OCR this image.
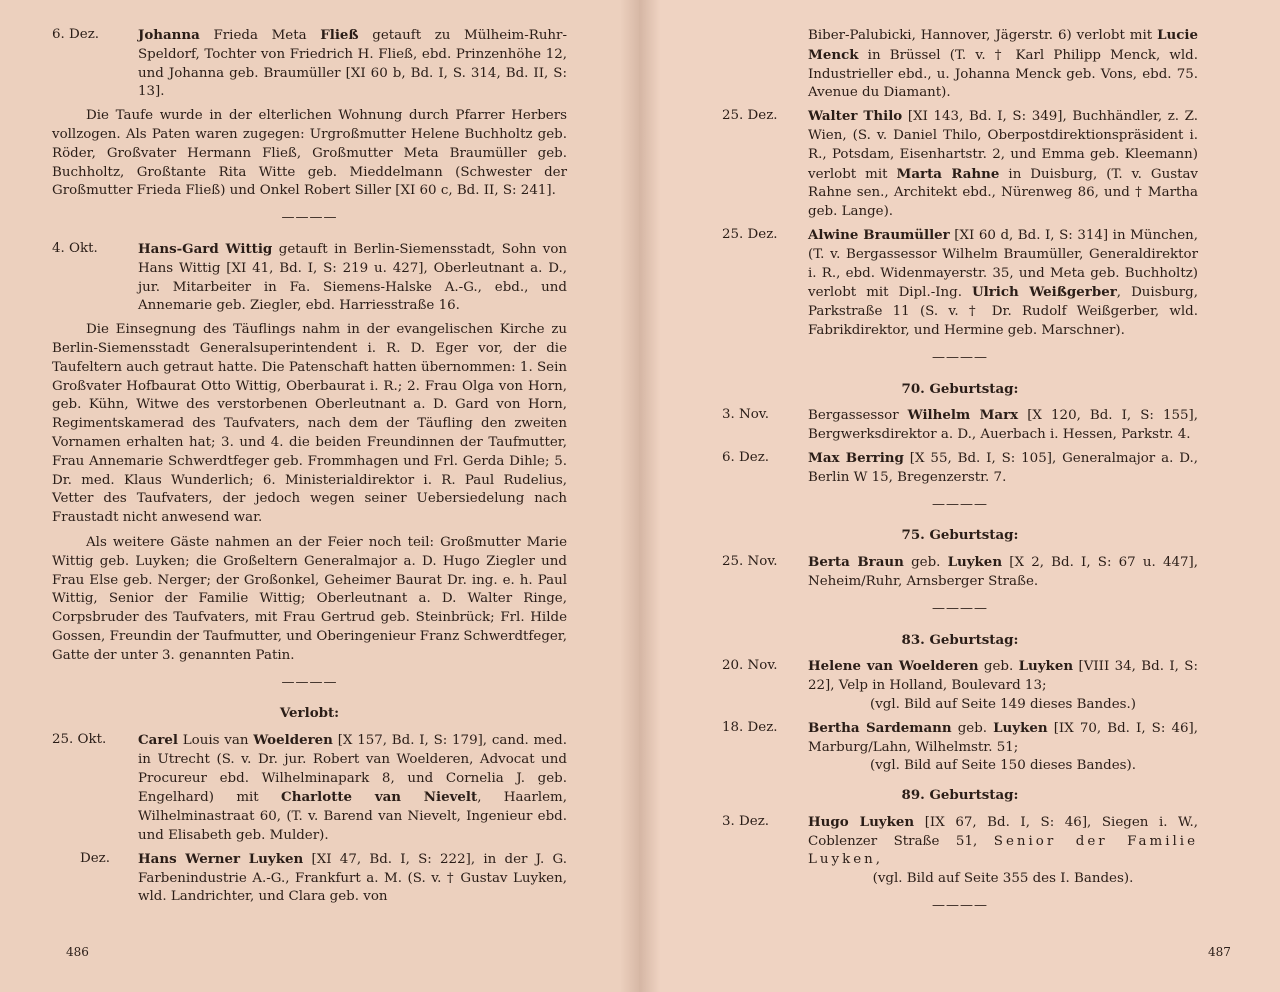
6. Dez.	Johanna Frieda Meta Fließ getauft zu Mülheim-Ruhr-Speldorf, Tochter von Friedrich H. Fließ, ebd. Prinzenhöhe 12, und Johanna geb. Braumüller [XI 60 b, Bd. I, S. 314, Bd. II, S: 13].

Die Taufe wurde in der elterlichen Wohnung durch Pfarrer Herbers vollzogen. Als Paten waren zugegen: Urgroßmutter Helene Buchholtz geb. Röder, Großvater Hermann Fließ, Großmutter Meta Braumüller geb. Buchholtz, Großtante Rita Witte geb. Mieddelmann (Schwester der Großmutter Frieda Fließ) und Onkel Robert Siller [XI 60 c, Bd. II, S: 241].

————
4. Okt.	Hans-Gard Wittig getauft in Berlin-Siemensstadt, Sohn von Hans Wittig [XI 41, Bd. I, S: 219 u. 427], Oberleutnant a. D., jur. Mitarbeiter in Fa. Siemens-Halske A.-G., ebd., und Annemarie geb. Ziegler, ebd. Harriesstraße 16.

Die Einsegnung des Täuflings nahm in der evangelischen Kirche zu Berlin-Siemensstadt Generalsuperintendent i. R. D. Eger vor, der die Taufeltern auch getraut hatte. Die Patenschaft hatten übernommen: 1. Sein Großvater Hofbaurat Otto Wittig, Oberbaurat i. R.; 2. Frau Olga von Horn, geb. Kühn, Witwe des verstorbenen Oberleutnant a. D. Gard von Horn, Regimentskamerad des Taufvaters, nach dem der Täufling den zweiten Vornamen erhalten hat; 3. und 4. die beiden Freundinnen der Taufmutter, Frau Annemarie Schwerdtfeger geb. Frommhagen und Frl. Gerda Dihle; 5. Dr. med. Klaus Wunderlich; 6. Ministerialdirektor i. R. Paul Rudelius, Vetter des Taufvaters, der jedoch wegen seiner Uebersiedelung nach Fraustadt nicht anwesend war.

Als weitere Gäste nahmen an der Feier noch teil: Großmutter Marie Wittig geb. Luyken; die Großeltern Generalmajor a. D. Hugo Ziegler und Frau Else geb. Nerger; der Großonkel, Geheimer Baurat Dr. ing. e. h. Paul Wittig, Senior der Familie Wittig; Oberleutnant a. D. Walter Ringe, Corpsbruder des Taufvaters, mit Frau Gertrud geb. Steinbrück; Frl. Hilde Gossen, Freundin der Taufmutter, und Oberingenieur Franz Schwerdtfeger, Gatte der unter 3. genannten Patin.

————
Verlobt:
25. Okt.	Carel Louis van Woelderen [X 157, Bd. I, S: 179], cand. med. in Utrecht (S. v. Dr. jur. Robert van Woelderen, Advocat und Procureur ebd. Wilhelminapark 8, und Cornelia J. geb. Engelhard) mit Charlotte van Nievelt, Haarlem, Wilhelminastraat 60, (T. v. Barend van Nievelt, Ingenieur ebd. und Elisabeth geb. Mulder).
Dez.	Hans Werner Luyken [XI 47, Bd. I, S: 222], in der J. G. Farbenindustrie A.-G., Frankfurt a. M. (S. v. † Gustav Luyken, wld. Landrichter, und Clara geb. von
486
Biber-Palubicki, Hannover, Jägerstr. 6) verlobt mit Lucie Menck in Brüssel (T. v. † Karl Philipp Menck, wld. Industrieller ebd., u. Johanna Menck geb. Vons, ebd. 75. Avenue du Diamant).
25. Dez.	Walter Thilo [XI 143, Bd. I, S: 349], Buchhändler, z. Z. Wien, (S. v. Daniel Thilo, Oberpostdirektionspräsident i. R., Potsdam, Eisenhartstr. 2, und Emma geb. Kleemann) verlobt mit Marta Rahne in Duisburg, (T. v. Gustav Rahne sen., Architekt ebd., Nürenweg 86, und † Martha geb. Lange).
25. Dez.	Alwine Braumüller [XI 60 d, Bd. I, S: 314] in München, (T. v. Bergassessor Wilhelm Braumüller, Generaldirektor i. R., ebd. Widenmayerstr. 35, und Meta geb. Buchholtz) verlobt mit Dipl.-Ing. Ulrich Weißgerber, Duisburg, Parkstraße 11 (S. v. † Dr. Rudolf Weißgerber, wld. Fabrikdirektor, und Hermine geb. Marschner).
————
70. Geburtstag:
3. Nov.	Bergassessor Wilhelm Marx [X 120, Bd. I, S: 155], Bergwerksdirektor a. D., Auerbach i. Hessen, Parkstr. 4.
6. Dez.	Max Berring [X 55, Bd. I, S: 105], Generalmajor a. D., Berlin W 15, Bregenzerstr. 7.
————
75. Geburtstag:
25. Nov.	Berta Braun geb. Luyken [X 2, Bd. I, S: 67 u. 447], Neheim/Ruhr, Arnsberger Straße.
————
83. Geburtstag:
20. Nov.	Helene van Woelderen geb. Luyken [VIII 34, Bd. I, S: 22], Velp in Holland, Boulevard 13;
(vgl. Bild auf Seite 149 dieses Bandes.)
18. Dez.	Bertha Sardemann geb. Luyken [IX 70, Bd. I, S: 46], Marburg/Lahn, Wilhelmstr. 51;
(vgl. Bild auf Seite 150 dieses Bandes).
89. Geburtstag:
3. Dez.	Hugo Luyken [IX 67, Bd. I, S: 46], Siegen i. W., Coblenzer Straße 51, Senior der Familie Luyken,
(vgl. Bild auf Seite 355 des I. Bandes).
————
487
